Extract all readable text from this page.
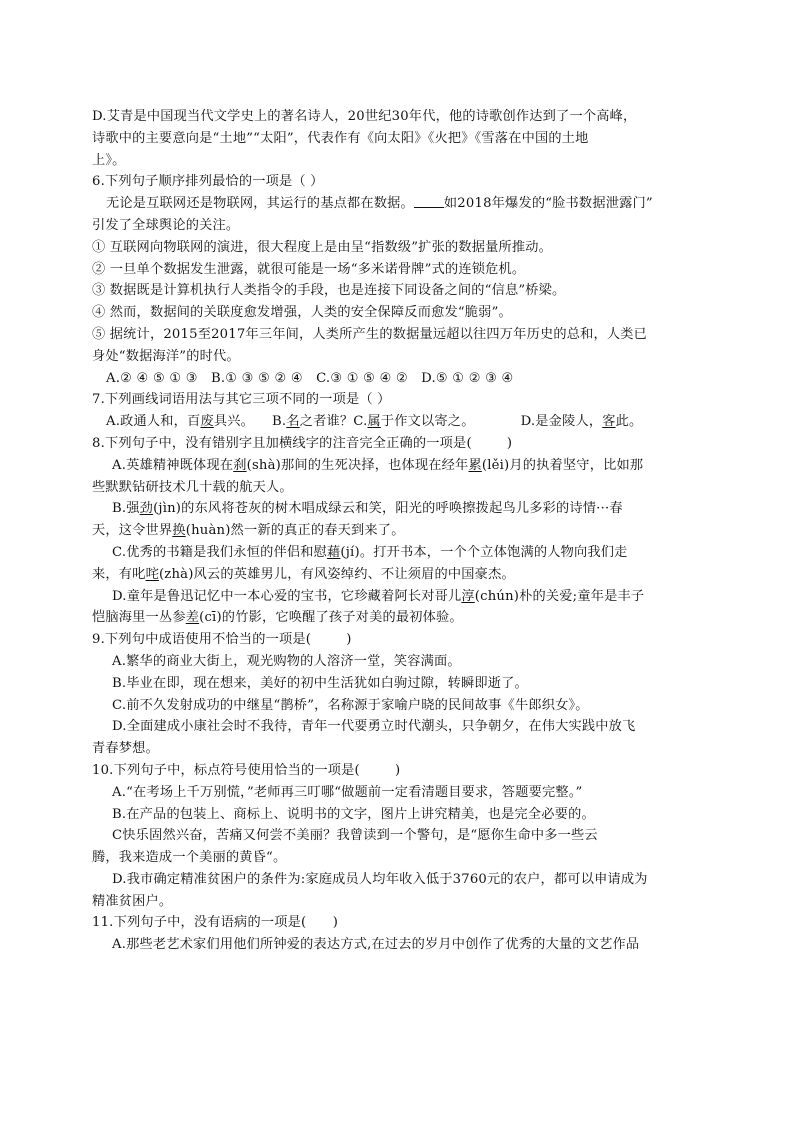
D.艾青是中国现当代文学史上的著名诗人，20世纪30年代，他的诗歌创作达到了一个高峰，
诗歌中的主要意向是“土地”“太阳”，代表作有《向太阳》《火把》《雪落在中国的土地
上》。
6.下列句子顺序排列最恰的一项是（ ）
无论是互联网还是物联网，其运行的基点都在数据。 如2018年爆发的“脸书数据泄露门”
引发了全球舆论的关注。
① 互联网向物联网的演进，很大程度上是由呈“指数级”扩张的数据量所推动。
② 一旦单个数据发生泄露，就很可能是一场“多米诺骨牌”式的连锁危机。
③ 数据既是计算机执行人类指令的手段，也是连接下同设备之间的“信息”桥梁。
④ 然而，数据间的关联度愈发增强，人类的安全保障反而愈发“脆弱”。
⑤ 据统计，2015至2017年三年间，人类所产生的数据量远超以往四万年历史的总和，人类已
身处“数据海洋”的时代。
A.② ④ ⑤ ① ③   B.① ③ ⑤ ② ④   C.③ ① ⑤ ④ ②   D.⑤ ① ② ③ ④
7.下列画线词语用法与其它三项不同的一项是（ ）
A.政通人和，百废具兴。 B.名之者谁？C.属于作文以寄之。	D.是金陵人，客此。
8.下列句子中，没有错别字且加横线字的注音完全正确的一项是(        )
A.英雄精神既体现在刹(shà)那间的生死决择，也体现在经年累(lěi)月的执着坚守，比如那
些默默钻研技术几十载的航天人。
B.强劲(jìn)的东风将苍灰的树木唱成绿云和笑，阳光的呼唤擦拨起鸟儿多彩的诗情···春
天，这令世界换(huàn)然一新的真正的春天到来了。
C.优秀的书籍是我们永恒的伴侣和慰藉(jí)。打开书本，一个个立体饱满的人物向我们走
来，有叱咤(zhà)风云的英雄男儿，有风姿绰约、不让须眉的中国豪杰。
D.童年是鲁迅记忆中一本心爱的宝书，它珍藏着阿长对哥儿淳(chún)朴的关爱;童年是丰子
恺脑海里一丛参差(cī)的竹影，它唤醒了孩子对美的最初体验。
9.下列句中成语使用不恰当的一项是(        )
A.繁华的商业大街上，观光购物的人溶济一堂，笑容满面。
B.毕业在即，现在想来，美好的初中生活犹如白驹过隙，转瞬即逝了。
C.前不久发射成功的中继星“鹊桥”，名称源于家喻户晓的民间故事《牛郎织女》。
D.全面建成小康社会时不我待，青年一代要勇立时代潮头，只争朝夕，在伟大实践中放飞
青春梦想。
10.下列句子中，标点符号使用恰当的一项是(        )
A.“在考场上千万别慌，”老师再三叮哪“做题前一定看清题目要求，答题要完整。”
B.在产品的包装上、商标上、说明书的文字，图片上讲究精美，也是完全必要的。
C快乐固然兴奋，苦痛又何尝不美丽？我曾读到一个警句，是“愿你生命中多一些云
腾，我来造成一个美丽的黄昏“。
D.我市确定精准贫困户的条件为:家庭成员人均年收入低于3760元的农户，都可以申请成为
精准贫困户。
11.下列句子中，没有语病的一项是(      )
A.那些老艺术家们用他们所钟爱的表达方式,在过去的岁月中创作了优秀的大量的文艺作品
